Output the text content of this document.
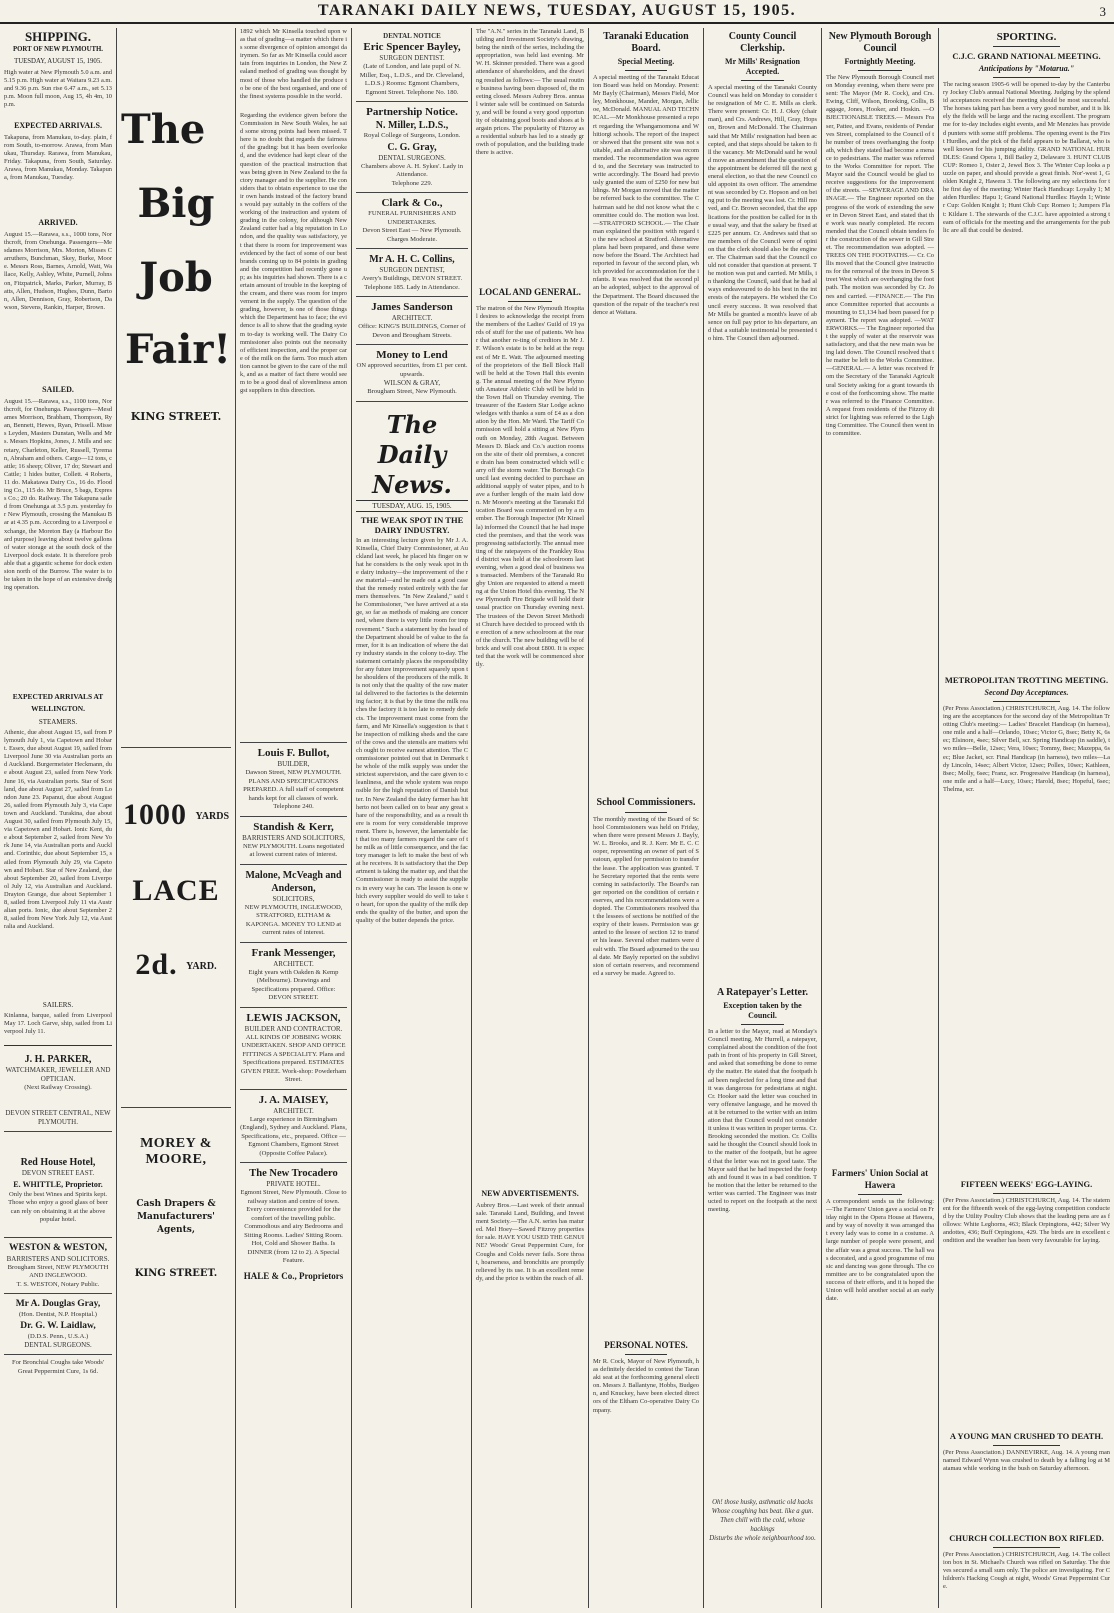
TARANAKI DAILY NEWS, TUESDAY, AUGUST 15, 1905.	3
SHIPPING.
PORT OF NEW PLYMOUTH.
TUESDAY, AUGUST 15, 1905.
High water at New Plymouth 5.0 a.m. and 5.15 p.m. High water at Waitara 9.23 a.m. and 9.36 p.m. Sun rise 6.47 a.m., set 5.13 p.m. Moon full moon, Aug 15, 4h 4m, 10 p.m.
EXPECTED ARRIVALS.
Takapuna, from Manukau, to-day. plain, from South, to-morrow. Arawa, from Manukau, Thursday. Rarawa, from Manukau, Friday. Takapuna, from South, Saturday. Arawa, from Manukau, Monday. Takapuna, from Manukau, Tuesday.
ARRIVED.
August 15.—Rarawa, s.s., 1000 tons, Northcroft, from Onehunga. Passengers—Mesdames Morrison, Mrs. Morton, Misses Carruthers, Bunchman, Skey, Burke, Moore. Messrs Ross, Barnes, Arnold, Watt, Wallace, Kelly, Ashley, White, Purnell, Johnson, Fitzpatrick, Marks, Parker, Murray, Batts, Allen, Hudson, Hughes, Dunn, Barton, Allen, Dennison, Gray, Robertson, Dawson, Stevens, Rankin, Harper, Brown.
SAILED.
August 15.—Rarawa, s.s., 1100 tons, Northcroft, for Onehunga. Passengers—Mesdames Morrison, Brabham, Thompson, Ryan, Bennett, Hewes, Ryan, Prissell. Misses Leyden, Masters Dunstan, Wells and Mrs. Messrs Hopkins, Jones, J. Mills and secretary, Charleton, Keller, Russell, Tyreman, Abraham and others. Cargo—12 tons, cattle; 16 sheep; Oliver, 17 do; Stewart and Cattle; 1 hides butter, Collett. 4 Roberts, 11 do. Makatawa Dairy Co., 16 do. Flooding Co., 115 do. Mr Bruce, 5 bags, Express Co.; 20 do. Railway. The Takapuna sailed from Onehunga at 3.5 p.m. yesterday for New Plymouth, crossing the Manukau Bar at 4.35 p.m. According to a Liverpool exchange, the Moreton Bay (a Harbour Board purpose) leaving about twelve gallons of water storage at the south dock of the Liverpool dock estate. It is therefore probable that a gigantic scheme for dock extension north of the Burrow. The water is to be taken in the hope of an extensive dredging operation.
EXPECTED ARRIVALS AT WELLINGTON.
STEAMERS.
Athenic, due about August 15, sail from Plymouth July 1, via Capetown and Hobart. Essex, due about August 19, sailed from Liverpool June 30 via Australian ports and Auckland. Burgermeister Heckmann, due about August 23, sailed from New York June 16, via Australian ports. Star of Scotland, due about August 27, sailed from London June 23. Papanui, due about August 26, sailed from Plymouth July 3, via Capetown and Auckland. Turakina, due about August 30, sailed from Plymouth July 15, via Capetown and Hobart. Ionic Kent, due about September 2, sailed from New York June 14, via Australian ports and Auckland. Corinthic, due about September 15, sailed from Plymouth July 29, via Capetown and Hobart. Star of New Zealand, due about September 20, sailed from Liverpool July 12, via Australian and Auckland. Drayton Grange, due about September 18, sailed from Liverpool July 11 via Australian ports. Ionic, due about September 28, sailed from New York July 12, via Australia and Auckland.
SAILERS.
Kinlanna, barque, sailed from Liverpool May 17. Loch Garve, ship, sailed from Liverpool July 11.
J. H. PARKER,
WATCHMAKER, JEWELLER AND OPTICIAN.
(Next Railway Crossing).
DEVON STREET CENTRAL, NEW PLYMOUTH.
Red House Hotel,
DEVON STREET EAST.
E. WHITTLE, Proprietor.
Only the best Wines and Spirits kept. Those who enjoy a good glass of beer can rely on obtaining it at the above popular hotel.
WESTON & WESTON,
BARRISTERS AND SOLICITORS.
Brougham Street, NEW PLYMOUTH AND INGLEWOOD.
T. S. WESTON, Notary Public.
Mr A. Douglas Gray,
(Hon. Dentist, N.P. Hospital.)
Dr. G. W. Laidlaw,
(D.D.S. Penn., U.S.A.)
DENTAL SURGEONS.
For Bronchial Coughs take Woods' Great Peppermint Cure, 1s 6d.
The
Big
Job
Fair!
KING STREET.
1000 YARDS
LACE
2d. YARD.
MOREY & MOORE,
Cash Drapers & Manufacturers' Agents,
KING STREET.
1892 which Mr Kinsella touched upon was that of grading—a matter which there is some divergence of opinion amongst dairymen. So far as Mr Kinsella could ascertain from inquiries in London, the New Zealand method of grading was thought by most of those who handled the produce to be one of the best organised, and one of the finest systems possible in the world.
Regarding the evidence given before the Commission in New South Wales, he said some strong points had been missed. There is no doubt that regards the fairness of the grading: but it has been overlooked, and the evidence had kept clear of the question of the practical instruction that was being given in New Zealand to the factory manager and to the supplier. He considers that to obtain experience to use their own hands instead of the factory brands would pay suitably in the coffers of the working of the instruction and system of grading in the colony, for although New Zealand cutter had a big reputation in London, and the quality was satisfactory, yet that there is room for improvement was evidenced by the fact of some of our best brands coming up to 84 points in grading and the competition had recently gone up; as his inquiries had shown. There is a certain amount of trouble in the keeping of the cream, and there was room for improvement in the supply. The question of the grading, however, is one of those things which the Department has to face; the evidence is all to show that the grading system to-day is working well. The Dairy Commissioner also points out the necessity of efficient inspection, and the proper care of the milk on the farm. Too much attention cannot be given to the care of the milk, and as a matter of fact there would seem to be a good deal of slovenliness amongst suppliers in this direction.
Louis F. Bullot,
BUILDER,
Dawson Street, NEW PLYMOUTH. PLANS AND SPECIFICATIONS PREPARED. A full staff of competent hands kept for all classes of work. Telephone 240.
Standish & Kerr,
BARRISTERS AND SOLICITORS,
NEW PLYMOUTH. Loans negotiated at lowest current rates of interest.
Malone, McVeagh and Anderson,
SOLICITORS,
NEW PLYMOUTH, INGLEWOOD, STRATFORD, ELTHAM & KAPONGA. MONEY TO LEND at current rates of interest.
Frank Messenger,
ARCHITECT.
Eight years with Oakden & Kemp (Melbourne). Drawings and Specifications prepared. Office: DEVON STREET.
LEWIS JACKSON,
BUILDER AND CONTRACTOR.
ALL KINDS OF JOBBING WORK UNDERTAKEN. SHOP AND OFFICE FITTINGS A SPECIALITY. Plans and Specifications prepared. ESTIMATES GIVEN FREE. Work-shop: Powderham Street.
J. A. MAISEY,
ARCHITECT.
Large experience in Birmingham (England), Sydney and Auckland. Plans, Specifications, etc., prepared. Office — Egmont Chambers, Egmont Street (Opposite Coffee Palace).
The New Trocadero
PRIVATE HOTEL.
Egmont Street, New Plymouth. Close to railway station and centre of town. Every convenience provided for the comfort of the travelling public. Commodious and airy Bedrooms and Sitting Rooms. Ladies' Sitting Room. Hot, Cold and Shower Baths. Is DINNER (from 12 to 2). A Special Feature.
HALE & Co., Proprietors
DENTAL NOTICE
Eric Spencer Bayley,
SURGEON DENTIST.
(Late of London, and late pupil of N. Miller, Esq., L.D.S., and Dr. Cleveland, L.D.S.) Rooms: Egmont Chambers, Egmont Street. Telephone No. 180.
Partnership Notice.
N. Miller, L.D.S.,
Royal College of Surgeons, London.
C. G. Gray,
DENTAL SURGEONS.
Chambers above A. H. Sykes'. Lady in Attendance.
Telephone 229.
Clark & Co.,
FUNERAL FURNISHERS AND UNDERTAKERS.
Devon Street East — New Plymouth.
Charges Moderate.
Mr A. H. C. Collins,
SURGEON DENTIST,
Avery's Buildings, DEVON STREET. Telephone 185. Lady in Attendance.
James Sanderson
ARCHITECT.
Office: KING'S BUILDINGS, Corner of Devon and Brougham Streets.
Money to Lend
ON approved securities, from £1 per cent. upwards.
WILSON & GRAY,
Brougham Street, New Plymouth.
The Daily News.
TUESDAY, AUG. 15, 1905.
THE WEAK SPOT IN THE DAIRY INDUSTRY.
In an interesting lecture given by Mr J. A. Kinsella, Chief Dairy Commissioner, at Auckland last week, he placed his finger on what he considers is the only weak spot in the dairy industry—the improvement of the raw material—and he made out a good case that the remedy rested entirely with the farmers themselves. "In New Zealand," said the Commissioner, "we have arrived at a stage, so far as methods of making are concerned, where there is very little room for improvement." Such a statement by the head of the Department should be of value to the farmer, for it is an indication of where the dairy industry stands in the colony to-day. The statement certainly places the responsibility for any future improvement squarely upon the shoulders of the producers of the milk. It is not only that the quality of the raw material delivered to the factories is the determining factor; it is that by the time the milk reaches the factory it is too late to remedy defects. The improvement must come from the farm, and Mr Kinsella's suggestion is that the inspection of milking sheds and the care of the cows and the utensils are matters which ought to receive earnest attention. The Commissioner pointed out that in Denmark the whole of the milk supply was under the strictest supervision, and the care given to cleanliness, and the whole system was responsible for the high reputation of Danish butter. In New Zealand the dairy farmer has hitherto not been called on to bear any great share of the responsibility, and as a result there is room for very considerable improvement. There is, however, the lamentable fact that too many farmers regard the care of the milk as of little consequence, and the factory manager is left to make the best of what he receives. It is satisfactory that the Department is taking the matter up, and that the Commissioner is ready to assist the suppliers in every way he can. The lesson is one which every supplier would do well to take to heart, for upon the quality of the milk depends the quality of the butter, and upon the quality of the butter depends the price.
The "A.N." series in the Taranaki Land, Building and Investment Society's drawing, being the ninth of the series, including the appropriation, was held last evening. Mr W. H. Skinner presided. There was a good attendance of shareholders, and the drawing resulted as follows:— The usual routine business having been disposed of, the meeting closed. Messrs Aubrey Bros. annual winter sale will be continued on Saturday, and will be found a very good opportunity of obtaining good boots and shoes at bargain prices. The popularity of Fitzroy as a residential suburb has led to a steady growth of population, and the building trade there is active.
LOCAL AND GENERAL.
The matron of the New Plymouth Hospital desires to acknowledge the receipt from the members of the Ladies' Guild of 19 yards of stuff for the use of patients. We hear that another re-ting of creditors in Mr J. F. Wilson's estate is to be held at the request of Mr E. Watt. The adjourned meeting of the proprietors of the Bell Block Hall will be held at the Town Hall this evening. The annual meeting of the New Plymouth Amateur Athletic Club will be held in the Town Hall on Thursday evening. The treasurer of the Eastern Star Lodge acknowledges with thanks a sum of £4 as a donation by the Hon. Mr Ward. The Tariff Commission will hold a sitting at New Plymouth on Monday, 28th August. Between Messrs D. Black and Co.'s auction rooms on the site of their old premises, a concrete drain has been constructed which will carry off the storm water. The Borough Council last evening decided to purchase an additional supply of water pipes, and to have a further length of the main laid down. Mr Moore's meeting at the Taranaki Education Board was commented on by a member. The Borough Inspector (Mr Kinsella) informed the Council that he had inspected the premises, and that the work was progressing satisfactorily. The annual meeting of the ratepayers of the Frankley Road district was held at the schoolroom last evening, when a good deal of business was transacted. Members of the Taranaki Rugby Union are requested to attend a meeting at the Union Hotel this evening. The New Plymouth Fire Brigade will hold their usual practice on Thursday evening next. The trustees of the Devon Street Methodist Church have decided to proceed with the erection of a new schoolroom at the rear of the church. The new building will be of brick and will cost about £800. It is expected that the work will be commenced shortly.
NEW ADVERTISEMENTS.
Aubrey Bros.—Last week of their annual sale. Taranaki Land, Building, and Investment Society.—The A.N. series has matured. Mel Hoey—Sawed Fitzroy properties for sale. HAVE YOU USED THE GENUINE? Woods' Great Peppermint Cure, for Coughs and Colds never fails. Sore throat, hoarseness, and bronchitis are promptly relieved by its use. It is an excellent remedy, and the price is within the reach of all.
Taranaki Education Board.
Special Meeting.
A special meeting of the Taranaki Education Board was held on Monday. Present: Mr Bayly (Chairman), Messrs Field, Morley, Monkhouse, Mander, Morgan, Jellicoe, McDonald. MANUAL AND TECHNICAL.—Mr Monkhouse presented a report regarding the Whangamomona and Whitiorgi schools. The report of the inspector showed that the present site was not suitable, and an alternative site was recommended. The recommendation was agreed to, and the Secretary was instructed to write accordingly. The Board had previously granted the sum of £250 for new buildings. Mr Morgan moved that the matter be referred back to the committee. The Chairman said he did not know what the committee could do. The motion was lost. —STRATFORD SCHOOL.— The Chairman explained the position with regard to the new school at Stratford. Alternative plans had been prepared, and these were now before the Board. The Architect had reported in favour of the second plan, which provided for accommodation for the infants. It was resolved that the second plan be adopted, subject to the approval of the Department. The Board discussed the question of the repair of the teacher's residence at Waitara.
School Commissioners.
The monthly meeting of the Board of School Commissioners was held on Friday, when there were present Messrs J. Bayly, W. L. Brooks, and R. J. Kerr. Mr E. C. Cooper, representing an owner of part of Seatoun, applied for permission to transfer the lease. The application was granted. The Secretary reported that the rents were coming in satisfactorily. The Board's ranger reported on the condition of certain reserves, and his recommendations were adopted. The Commissioners resolved that the lessees of sections be notified of the expiry of their leases. Permission was granted to the lessee of section 12 to transfer his lease. Several other matters were dealt with. The Board adjourned to the usual date. Mr Bayly reported on the subdivision of certain reserves, and recommended a survey be made. Agreed to.
PERSONAL NOTES.
Mr R. Cock, Mayor of New Plymouth, has definitely decided to contest the Taranaki seat at the forthcoming general election. Messrs J. Ballantyne, Hobbs, Budgeon, and Knuckey, have been elected directors of the Eltham Co-operative Dairy Company.
County Council Clerkship.
Mr Mills' Resignation Accepted.
A special meeting of the Taranaki County Council was held on Monday to consider the resignation of Mr C. E. Mills as clerk. There were present: Cr. H. J. Okey (chairman), and Crs. Andrews, Hill, Gray, Hopson, Brown and McDonald. The Chairman said that Mr Mills' resignation had been accepted, and that steps should be taken to fill the vacancy. Mr McDonald said he would move an amendment that the question of the appointment be deferred till the next general election, so that the new Council could appoint its own officer. The amendment was seconded by Cr. Hopson and on being put to the meeting was lost. Cr. Hill moved, and Cr. Brown seconded, that the applications for the position be called for in the usual way, and that the salary be fixed at £225 per annum. Cr. Andrews said that some members of the Council were of opinion that the clerk should also be the engineer. The Chairman said that the Council could not consider that question at present. The motion was put and carried. Mr Mills, in thanking the Council, said that he had always endeavoured to do his best in the interests of the ratepayers. He wished the Council every success. It was resolved that Mr Mills be granted a month's leave of absence on full pay prior to his departure, and that a suitable testimonial be presented to him. The Council then adjourned.
A Ratepayer's Letter.
Exception taken by the Council.
In a letter to the Mayor, read at Monday's Council meeting, Mr Hurrell, a ratepayer, complained about the condition of the footpath in front of his property in Gill Street, and asked that something be done to remedy the matter. He stated that the footpath had been neglected for a long time and that it was dangerous for pedestrians at night. Cr. Hooker said the letter was couched in very offensive language, and he moved that it be returned to the writer with an intimation that the Council would not consider it unless it was written in proper terms. Cr. Brooking seconded the motion. Cr. Collis said he thought the Council should look into the matter of the footpath, but he agreed that the letter was not in good taste. The Mayor said that he had inspected the footpath and found it was in a bad condition. The motion that the letter be returned to the writer was carried. The Engineer was instructed to report on the footpath at the next meeting.
Oh! those husky, asthmatic old hacks
Whose coughing has beat. like a gun.
Then chill with the cold, whose hackings
Disturbs the whole neighbourhood too.
New Plymouth Borough Council
Fortnightly Meeting.
The New Plymouth Borough Council met on Monday evening, when there were present: The Mayor (Mr R. Cock), and Crs. Ewing, Cliff, Wilson, Brooking, Collis, Baggage, Jones, Hooker, and Hoskin. —OBJECTIONABLE TREES.— Messrs Fraser, Pattee, and Evans, residents of Pendarves Street, complained to the Council of the number of trees overhanging the footpath, which they stated had become a menace to pedestrians. The matter was referred to the Works Committee for report. The Mayor said the Council would be glad to receive suggestions for the improvement of the streets. —SEWERAGE AND DRAINAGE.— The Engineer reported on the progress of the work of extending the sewer in Devon Street East, and stated that the work was nearly completed. He recommended that the Council obtain tenders for the construction of the sewer in Gill Street. The recommendation was adopted. —TREES ON THE FOOTPATHS.— Cr. Collis moved that the Council give instructions for the removal of the trees in Devon Street West which are overhanging the footpath. The motion was seconded by Cr. Jones and carried. —FINANCE.— The Finance Committee reported that accounts amounting to £1,134 had been passed for payment. The report was adopted. —WATERWORKS.— The Engineer reported that the supply of water at the reservoir was satisfactory, and that the new main was being laid down. The Council resolved that the matter be left to the Works Committee. —GENERAL.— A letter was received from the Secretary of the Taranaki Agricultural Society asking for a grant towards the cost of the forthcoming show. The matter was referred to the Finance Committee. A request from residents of the Fitzroy district for lighting was referred to the Lighting Committee. The Council then went into committee.
Farmers' Union Social at Hawera
A correspondent sends us the following:—The Farmers' Union gave a social on Friday night in the Opera House at Hawera, and by way of novelty it was arranged that every lady was to come in a costume. A large number of people were present, and the affair was a great success. The hall was decorated, and a good programme of music and dancing was gone through. The committee are to be congratulated upon the success of their efforts, and it is hoped the Union will hold another social at an early date.
SPORTING.
C.J.C. GRAND NATIONAL MEETING.
Anticipations by "Motarua."
The racing season 1905-6 will be opened to-day by the Canterbury Jockey Club's annual National Meeting. Judging by the splendid acceptances received the meeting should be most successful. The horses taking part has been a very good number, and it is likely the fields will be large and the racing excellent. The programme for to-day includes eight events, and Mr Menzies has provided punters with some stiff problems. The opening event is the First Hurdles, and the pick of the field appears to be Ballarat, who is well known for his jumping ability. GRAND NATIONAL HURDLES: Grand Opera 1, Bill Bailey 2, Delaware 3. HUNT CLUB CUP: Romeo 1, Oster 2, Jewel Box 3. The Winter Cup looks a puzzle on paper, and should provide a great finish. Nor'-west 1, Golden Knight 2, Hawera 3. The following are my selections for the first day of the meeting: Winter Hack Handicap: Loyalty 1; Maiden Hurdles: Hapu 1; Grand National Hurdles: Haydn 1; Winter Cup: Golden Knight 1; Hunt Club Cup: Romeo 1; Jumpers Flat: Kildare 1. The stewards of the C.J.C. have appointed a strong team of officials for the meeting and the arrangements for the public are all that could be desired.
METROPOLITAN TROTTING MEETING.
Second Day Acceptances.
(Per Press Association.) CHRISTCHURCH, Aug. 14. The following are the acceptances for the second day of the Metropolitan Trotting Club's meeting:— Ladies' Bracelet Handicap (in harness), one mile and a half—Orlando, 10sec; Victor G, 8sec; Betty K, 6sec; Elsinore, 4sec; Silver Bell, scr. Spring Handicap (in saddle), two miles—Belle, 12sec; Vera, 10sec; Tommy, 8sec; Mazeppa, 6sec; Blue Jacket, scr. Final Handicap (in harness), two miles—Lady Lincoln, 14sec; Albert Victor, 12sec; Pollex, 10sec; Kathleen, 8sec; Molly, 6sec; Franz, scr. Progressive Handicap (in harness), one mile and a half—Lucy, 10sec; Harold, 8sec; Hopeful, 6sec; Thelma, scr.
FIFTEEN WEEKS' EGG-LAYING.
(Per Press Association.) CHRISTCHURCH, Aug. 14. The statement for the fifteenth week of the egg-laying competition conducted by the Utility Poultry Club shows that the leading pens are as follows: White Leghorns, 463; Black Orpingtons, 442; Silver Wyandottes, 436; Buff Orpingtons, 429. The birds are in excellent condition and the weather has been very favourable for laying.
A YOUNG MAN CRUSHED TO DEATH.
(Per Press Association.) DANNEVIRKE, Aug. 14. A young man named Edward Wynn was crushed to death by a falling log at Matamau while working in the bush on Saturday afternoon.
CHURCH COLLECTION BOX RIFLED.
(Per Press Association.) CHRISTCHURCH, Aug. 14. The collection box in St. Michael's Church was rifled on Saturday. The thieves secured a small sum only. The police are investigating. For Children's Hacking Cough at night, Woods' Great Peppermint Cure.
